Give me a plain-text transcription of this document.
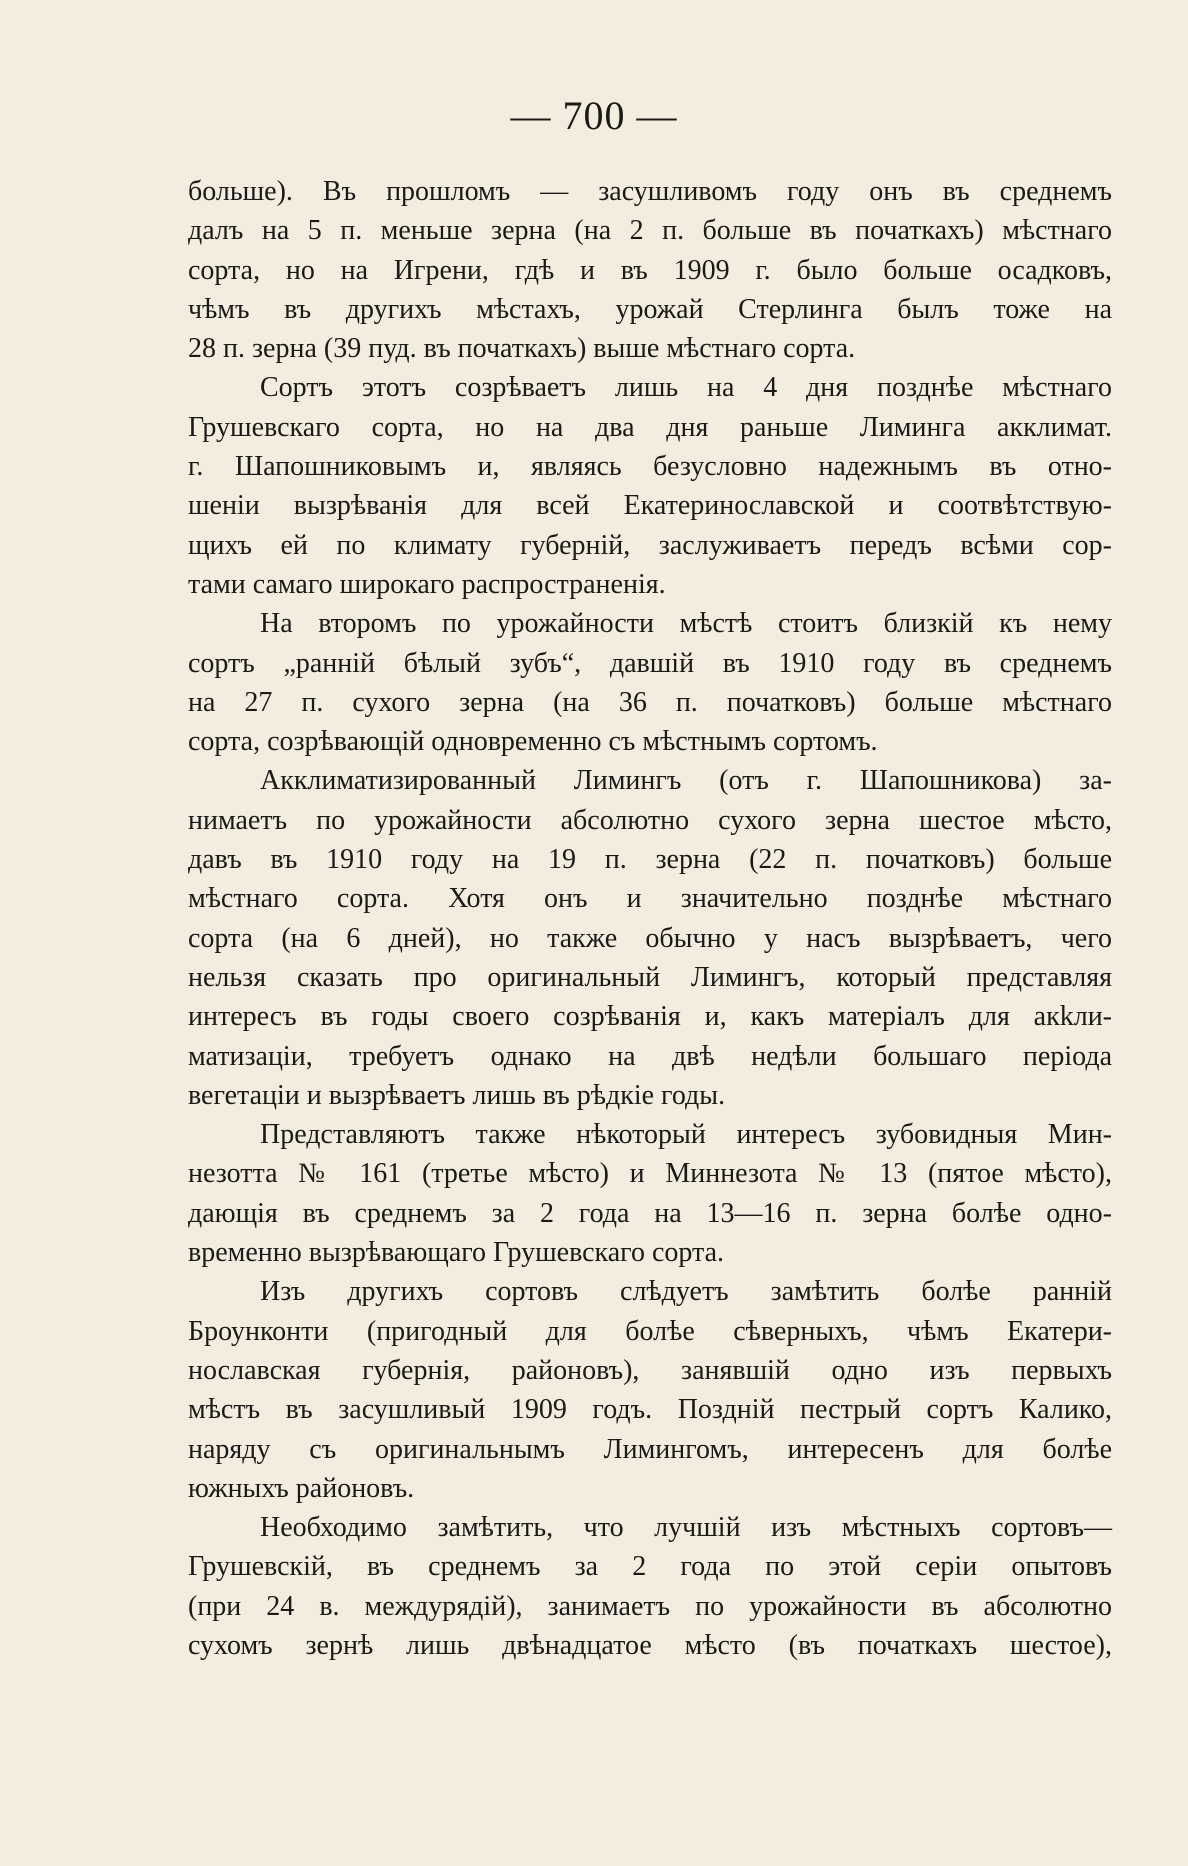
— 700 —
больше). Въ прошломъ — засушливомъ году онъ въ среднемъ
далъ на 5 п. меньше зерна (на 2 п. больше въ початкахъ) мѣстнаго
сорта, но на Игрени, гдѣ и въ 1909 г. было больше осадковъ,
чѣмъ въ другихъ мѣстахъ, урожай Стерлинга былъ тоже на
28 п. зерна (39 пуд. въ початкахъ) выше мѣстнаго сорта.
Сортъ этотъ созрѣваетъ лишь на 4 дня позднѣе мѣстнаго
Грушевскаго сорта, но на два дня раньше Лиминга акклимат.
г. Шапошниковымъ и, являясь безусловно надежнымъ въ отно-
шеніи вызрѣванія для всей Екатеринославской и соотвѣтствую-
щихъ ей по климату губерній, заслуживаетъ передъ всѣми сор-
тами самаго широкаго распространенія.
На второмъ по урожайности мѣстѣ стоитъ близкій къ нему
сортъ „ранній бѣлый зубъ“, давшій въ 1910 году въ среднемъ
на 27 п. сухого зерна (на 36 п. початковъ) больше мѣстнаго
сорта, созрѣвающій одновременно съ мѣстнымъ сортомъ.
Акклиматизированный Лимингъ (отъ г. Шапошникова) за-
нимаетъ по урожайности абсолютно сухого зерна шестое мѣсто,
давъ въ 1910 году на 19 п. зерна (22 п. початковъ) больше
мѣстнаго сорта. Хотя онъ и значительно позднѣе мѣстнаго
сорта (на 6 дней), но также обычно у насъ вызрѣваетъ, чего
нельзя сказать про оригинальный Лимингъ, который представляя
интересъ въ годы своего созрѣванія и, какъ матеріалъ для акkли-
матизаціи, требуетъ однако на двѣ недѣли большаго періода
вегетаціи и вызрѣваетъ лишь въ рѣдкіе годы.
Представляютъ также нѣкоторый интересъ зубовидныя Мин-
незотта № 161 (третье мѣсто) и Миннезота № 13 (пятое мѣсто),
дающія въ среднемъ за 2 года на 13—16 п. зерна болѣе одно-
временно вызрѣвающаго Грушевскаго сорта.
Изъ другихъ сортовъ слѣдуетъ замѣтить болѣе ранній
Броунконти (пригодный для болѣе сѣверныхъ, чѣмъ Екатери-
нославская губернія, районовъ), занявшій одно изъ первыхъ
мѣстъ въ засушливый 1909 годъ. Поздній пестрый сортъ Калико,
наряду съ оригинальнымъ Лимингомъ, интересенъ для болѣе
южныхъ районовъ.
Необходимо замѣтить, что лучшій изъ мѣстныхъ сортовъ—
Грушевскій, въ среднемъ за 2 года по этой серіи опытовъ
(при 24 в. междурядій), занимаетъ по урожайности въ абсолютно
сухомъ зернѣ лишь двѣнадцатое мѣсто (въ початкахъ шестое),
